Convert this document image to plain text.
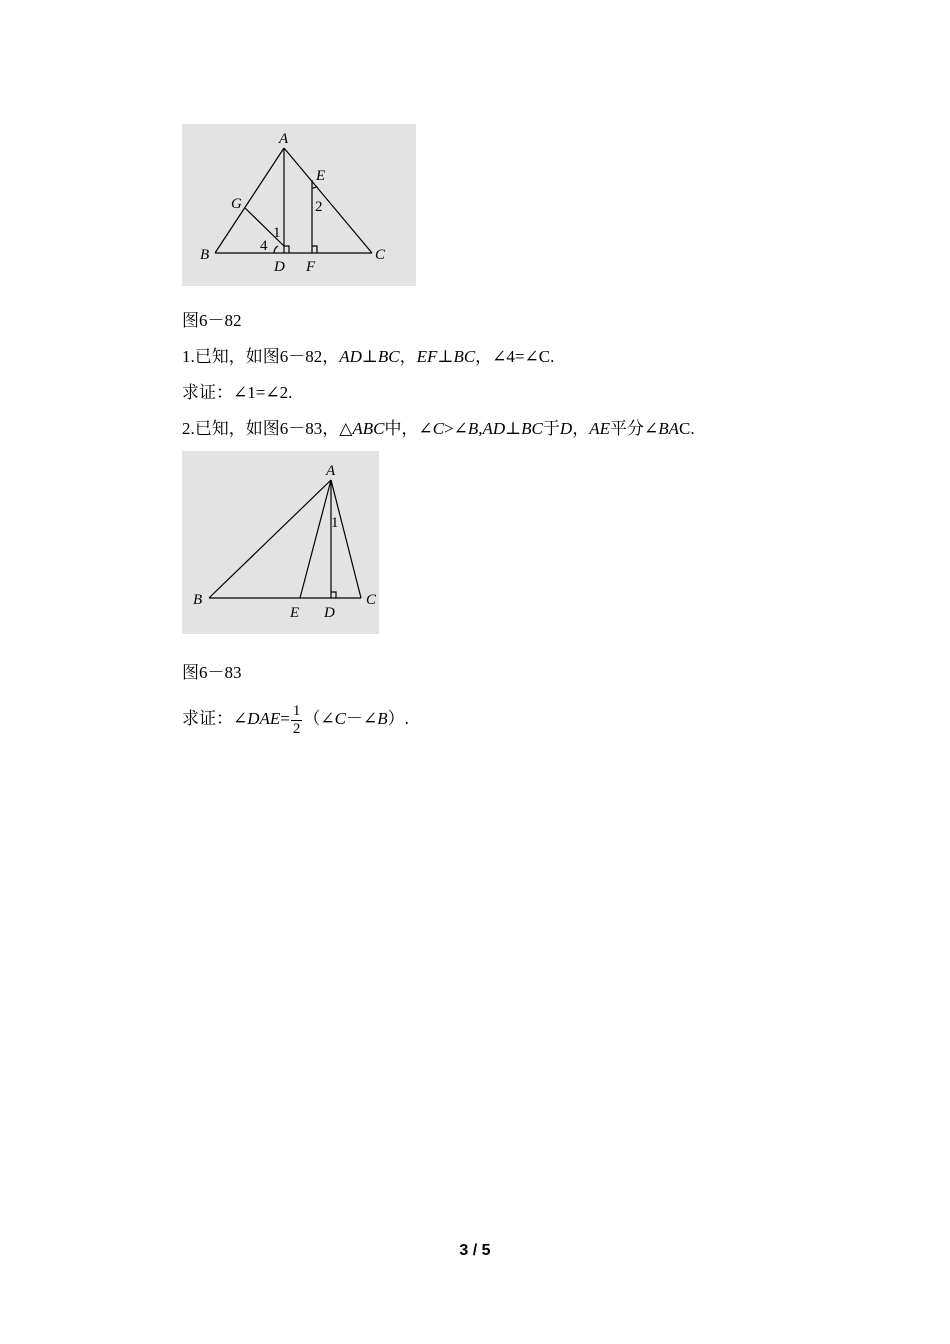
A
B	C
D
E
F
G
1
2
4
图6－82
1.已知，如图6－82，AD⊥BC，EF⊥BC，∠4=∠C.
求证：∠1=∠2.
2.已知，如图6－83，△ABC中，∠C>∠B,AD⊥BC于D，AE平分∠BAC.
A
B	C
D
E
1
图6－83
求证：∠DAE= $\frac{1}{2}$ （∠C－∠B）.
3 / 5
